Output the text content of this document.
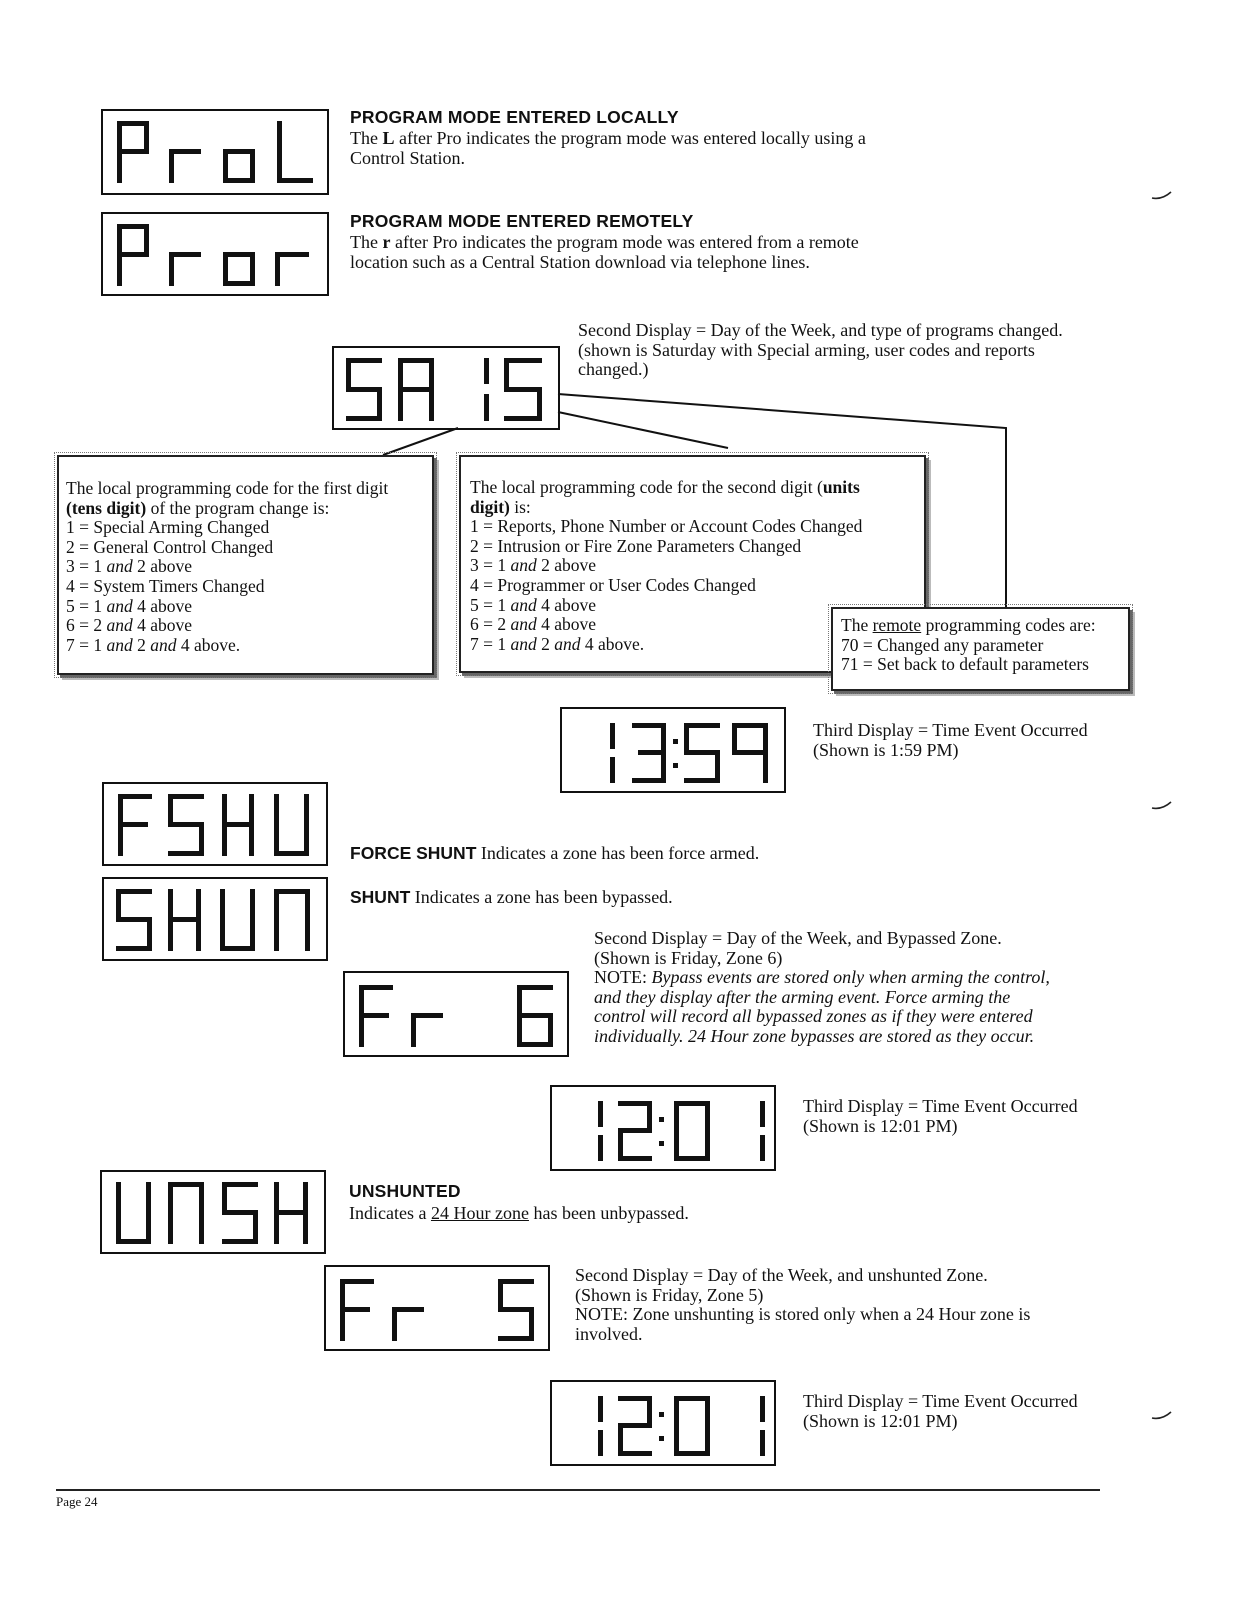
PROGRAM MODE ENTERED LOCALLY
The L after Pro indicates the program mode was entered locally using a
Control Station.
PROGRAM MODE ENTERED REMOTELY
The r after Pro indicates the program mode was entered from a remote
location such as a Central Station download via telephone lines.
Second Display = Day of the Week, and type of programs changed.
(shown is Saturday with Special arming, user codes and reports
changed.)
The local programming code for the first digit
(tens digit) of the program change is:
1 = Special Arming Changed
2 = General Control Changed
3 = 1 and 2 above
4 = System Timers Changed
5 = 1 and 4 above
6 = 2 and 4 above
7 = 1 and 2 and 4 above.
The local programming code for the second digit (units
digit) is:
1 = Reports, Phone Number or Account Codes Changed
2 = Intrusion or Fire Zone Parameters Changed
3 = 1 and 2 above
4 = Programmer or User Codes Changed
5 = 1 and 4 above
6 = 2 and 4 above
7 = 1 and 2 and 4 above.
The remote programming codes are:
70 = Changed any parameter
71 = Set back to default parameters
Third Display = Time Event Occurred
(Shown is 1:59 PM)
FORCE SHUNT Indicates a zone has been force armed.
SHUNT Indicates a zone has been bypassed.
Second Display = Day of the Week, and Bypassed Zone.
(Shown is Friday, Zone 6)
NOTE: Bypass events are stored only when arming the control,
and they display after the arming event. Force arming the
control will record all bypassed zones as if they were entered
individually. 24 Hour zone bypasses are stored as they occur.
Third Display = Time Event Occurred
(Shown is 12:01 PM)
UNSHUNTED
Indicates a 24 Hour zone has been unbypassed.
Second Display = Day of the Week, and unshunted Zone.
(Shown is Friday, Zone 5)
NOTE: Zone unshunting is stored only when a 24 Hour zone is
involved.
Third Display = Time Event Occurred
(Shown is 12:01 PM)
Page 24
